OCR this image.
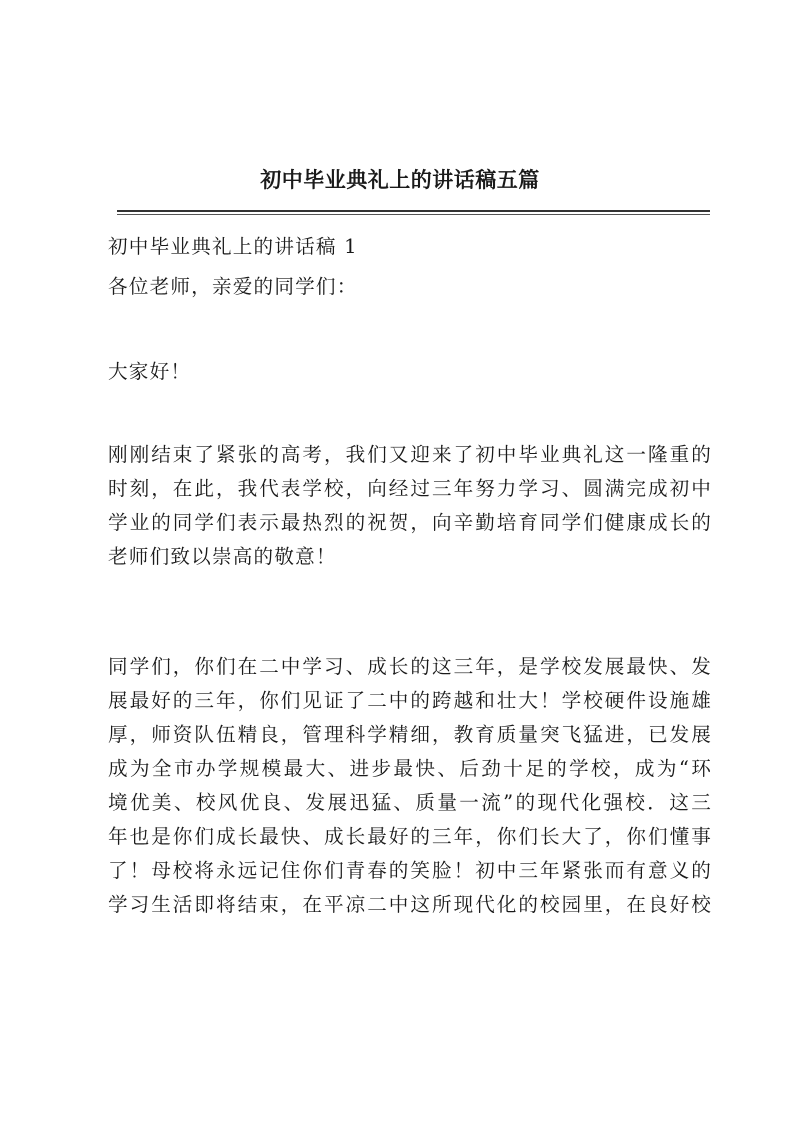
初中毕业典礼上的讲话稿五篇

初中毕业典礼上的讲话稿 1

各位老师，亲爱的同学们：

大家好！

刚刚结束了紧张的高考，我们又迎来了初中毕业典礼这一隆重的
时刻，在此，我代表学校，向经过三年努力学习、圆满完成初中
学业的同学们表示最热烈的祝贺，向辛勤培育同学们健康成长的
老师们致以崇高的敬意！

同学们，你们在二中学习、成长的这三年，是学校发展最快、发
展最好的三年，你们见证了二中的跨越和壮大！学校硬件设施雄
厚，师资队伍精良，管理科学精细，教育质量突飞猛进，已发展
成为全市办学规模最大、进步最快、后劲十足的学校，成为“环
境优美、校风优良、发展迅猛、质量一流”的现代化强校．这三
年也是你们成长最快、成长最好的三年，你们长大了，你们懂事
了！母校将永远记住你们青春的笑脸！初中三年紧张而有意义的
学习生活即将结束，在平凉二中这所现代化的校园里，在良好校
